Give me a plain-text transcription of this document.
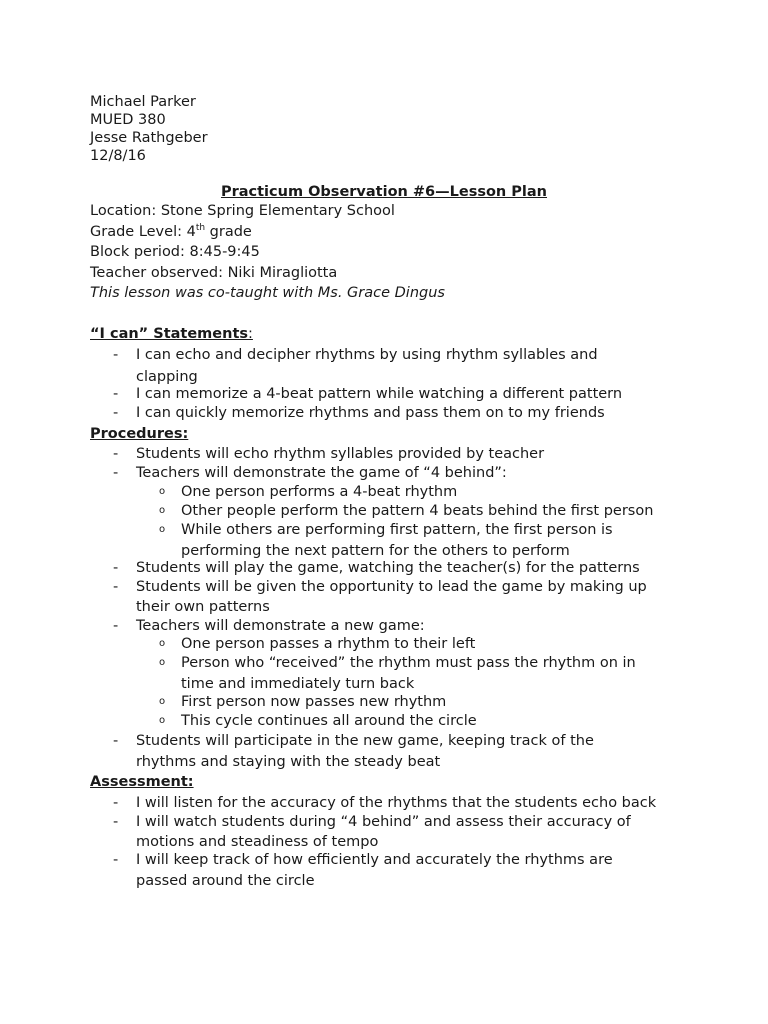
Michael Parker
MUED 380
Jesse Rathgeber
12/8/16
Practicum Observation #6—Lesson Plan
Location: Stone Spring Elementary School
Grade Level: 4th grade
Block period: 8:45-9:45
Teacher observed: Niki Miragliotta
This lesson was co-taught with Ms. Grace Dingus
“I can” Statements:
- I can echo and decipher rhythms by using rhythm syllables and
clapping
- I can memorize a 4-beat pattern while watching a different pattern
- I can quickly memorize rhythms and pass them on to my friends
Procedures:
- Students will echo rhythm syllables provided by teacher
- Teachers will demonstrate the game of “4 behind”:
o One person performs a 4-beat rhythm
o Other people perform the pattern 4 beats behind the first person
o While others are performing first pattern, the first person is
performing the next pattern for the others to perform
- Students will play the game, watching the teacher(s) for the patterns
- Students will be given the opportunity to lead the game by making up
their own patterns
- Teachers will demonstrate a new game:
o One person passes a rhythm to their left
o Person who “received” the rhythm must pass the rhythm on in
time and immediately turn back
o First person now passes new rhythm
o This cycle continues all around the circle
- Students will participate in the new game, keeping track of the
rhythms and staying with the steady beat
Assessment:
- I will listen for the accuracy of the rhythms that the students echo back
- I will watch students during “4 behind” and assess their accuracy of
motions and steadiness of tempo
- I will keep track of how efficiently and accurately the rhythms are
passed around the circle
